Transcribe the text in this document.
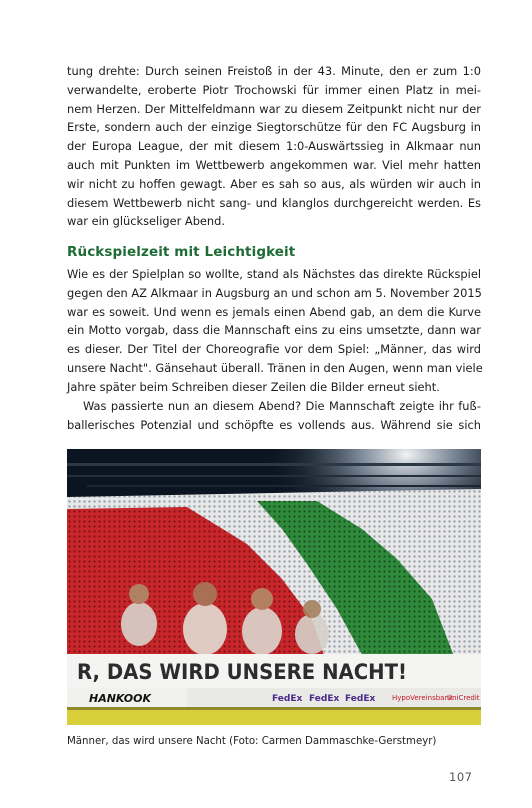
tung drehte: Durch seinen Freistoß in der 43. Minute, den er zum 1:0
verwandelte, eroberte Piotr Trochowski für immer einen Platz in mei-
nem Herzen. Der Mittelfeldmann war zu diesem Zeitpunkt nicht nur der
Erste, sondern auch der einzige Siegtorschütze für den FC Augsburg in
der Europa League, der mit diesem 1:0-Auswärtssieg in Alkmaar nun
auch mit Punkten im Wettbewerb angekommen war. Viel mehr hatten
wir nicht zu hoffen gewagt. Aber es sah so aus, als würden wir auch in
diesem Wettbewerb nicht sang- und klanglos durchgereicht werden. Es
war ein glückseliger Abend.
Rückspielzeit mit Leichtigkeit
Wie es der Spielplan so wollte, stand als Nächstes das direkte Rückspiel
gegen den AZ Alkmaar in Augsburg an und schon am 5. November 2015
war es soweit. Und wenn es jemals einen Abend gab, an dem die Kurve
ein Motto vorgab, dass die Mannschaft eins zu eins umsetzte, dann war
es dieser. Der Titel der Choreografie vor dem Spiel: „Männer, das wird
unsere Nacht". Gänsehaut überall. Tränen in den Augen, wenn man viele
Jahre später beim Schreiben dieser Zeilen die Bilder erneut sieht.
Was passierte nun an diesem Abend? Die Mannschaft zeigte ihr fuß-
ballerisches Potenzial und schöpfte es vollends aus. Während sie sich
R, DAS WIRD UNSERE NACHT!
HANKOOK	FedEx FedEx FedEx HypoVereinsbank
UniCredit
Männer, das wird unsere Nacht (Foto: Carmen Dammaschke-Gerstmeyr)
107
